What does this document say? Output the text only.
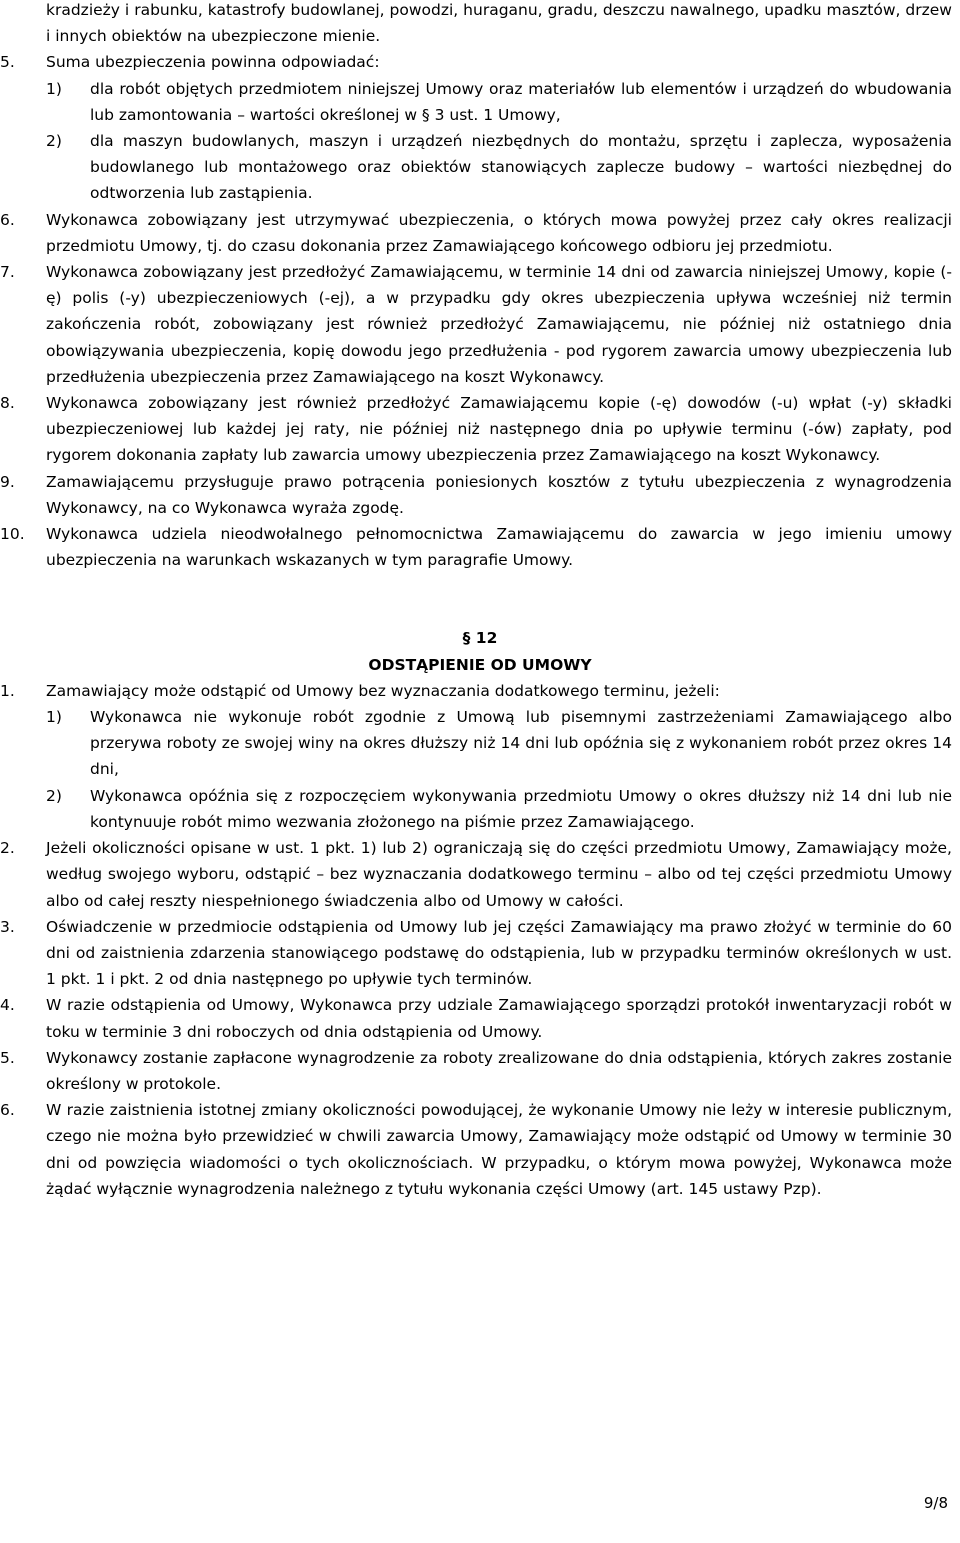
kradzieży i rabunku, katastrofy budowlanej, powodzi, huraganu, gradu, deszczu nawalnego, upadku masztów, drzew i innych obiektów na ubezpieczone mienie.
5. Suma ubezpieczenia powinna odpowiadać:
1) dla robót objętych przedmiotem niniejszej Umowy oraz materiałów lub elementów i urządzeń do wbudowania lub zamontowania – wartości określonej w § 3 ust. 1 Umowy,
2) dla maszyn budowlanych, maszyn i urządzeń niezbędnych do montażu, sprzętu i zaplecza, wyposażenia budowlanego lub montażowego oraz obiektów stanowiących zaplecze budowy – wartości niezbędnej do odtworzenia lub zastąpienia.
6. Wykonawca zobowiązany jest utrzymywać ubezpieczenia, o których mowa powyżej przez cały okres realizacji przedmiotu Umowy, tj. do czasu dokonania przez Zamawiającego końcowego odbioru jej przedmiotu.
7. Wykonawca zobowiązany jest przedłożyć Zamawiającemu, w terminie 14 dni od zawarcia niniejszej Umowy, kopie (-ę) polis (-y) ubezpieczeniowych (-ej), a w przypadku gdy okres ubezpieczenia upływa wcześniej niż termin zakończenia robót, zobowiązany jest również przedłożyć Zamawiającemu, nie później niż ostatniego dnia obowiązywania ubezpieczenia, kopię dowodu jego przedłużenia - pod rygorem zawarcia umowy ubezpieczenia lub przedłużenia ubezpieczenia przez Zamawiającego na koszt Wykonawcy.
8. Wykonawca zobowiązany jest również przedłożyć Zamawiającemu kopie (-ę) dowodów (-u) wpłat (-y) składki ubezpieczeniowej lub każdej jej raty, nie później niż następnego dnia po upływie terminu (-ów) zapłaty, pod rygorem dokonania zapłaty lub zawarcia umowy ubezpieczenia przez Zamawiającego na koszt Wykonawcy.
9. Zamawiającemu przysługuje prawo potrącenia poniesionych kosztów z tytułu ubezpieczenia z wynagrodzenia Wykonawcy, na co Wykonawca wyraża zgodę.
10. Wykonawca udziela nieodwołalnego pełnomocnictwa Zamawiającemu do zawarcia w jego imieniu umowy ubezpieczenia na warunkach wskazanych w tym paragrafie Umowy.
§ 12
ODSTĄPIENIE OD UMOWY
1. Zamawiający może odstąpić od Umowy bez wyznaczania dodatkowego terminu, jeżeli:
1) Wykonawca nie wykonuje robót zgodnie z Umową lub pisemnymi zastrzeżeniami Zamawiającego albo przerywa roboty ze swojej winy na okres dłuższy niż 14 dni lub opóźnia się z wykonaniem robót przez okres 14 dni,
2) Wykonawca opóźnia się z rozpoczęciem wykonywania przedmiotu Umowy o okres dłuższy niż 14 dni lub nie kontynuuje robót mimo wezwania złożonego na piśmie przez Zamawiającego.
2. Jeżeli okoliczności opisane w ust. 1 pkt. 1) lub 2) ograniczają się do części przedmiotu Umowy, Zamawiający może, według swojego wyboru, odstąpić – bez wyznaczania dodatkowego terminu – albo od tej części przedmiotu Umowy albo od całej reszty niespełnionego świadczenia albo od Umowy w całości.
3. Oświadczenie w przedmiocie odstąpienia od Umowy lub jej części Zamawiający ma prawo złożyć w terminie do 60 dni od zaistnienia zdarzenia stanowiącego podstawę do odstąpienia, lub w przypadku terminów określonych w ust. 1 pkt. 1 i pkt. 2 od dnia następnego po upływie tych terminów.
4. W razie odstąpienia od Umowy, Wykonawca przy udziale Zamawiającego sporządzi protokół inwentaryzacji robót w toku w terminie 3 dni roboczych od dnia odstąpienia od Umowy.
5. Wykonawcy zostanie zapłacone wynagrodzenie za roboty zrealizowane do dnia odstąpienia, których zakres zostanie określony w protokole.
6. W razie zaistnienia istotnej zmiany okoliczności powodującej, że wykonanie Umowy nie leży w interesie publicznym, czego nie można było przewidzieć w chwili zawarcia Umowy, Zamawiający może odstąpić od Umowy w terminie 30 dni od powzięcia wiadomości o tych okolicznościach. W przypadku, o którym mowa powyżej, Wykonawca może żądać wyłącznie wynagrodzenia należnego z tytułu wykonania części Umowy (art. 145 ustawy Pzp).
9/8
